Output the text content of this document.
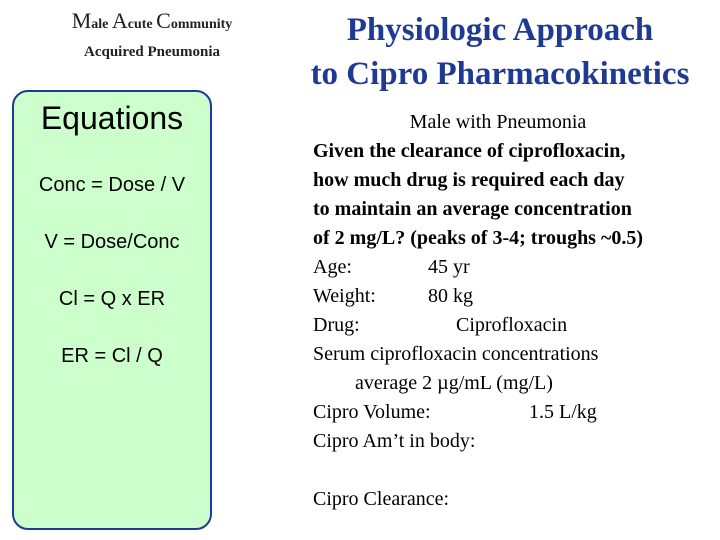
Male Acute Community
Acquired Pneumonia
Equations
Conc = Dose / V
V = Dose/Conc
Cl = Q x ER
ER = Cl / Q
Physiologic Approach
to Cipro Pharmacokinetics
Male with Pneumonia
Given the clearance of ciprofloxacin,
how much drug is required each day
to maintain an average concentration
of 2 mg/L? (peaks of 3-4; troughs ~0.5)
Age:	45 yr
Weight:	80 kg
Drug:	Ciprofloxacin
Serum ciprofloxacin concentrations
average 2 µg/mL (mg/L)
Cipro Volume:	1.5 L/kg
Cipro Am’t in body:
Cipro Clearance:
